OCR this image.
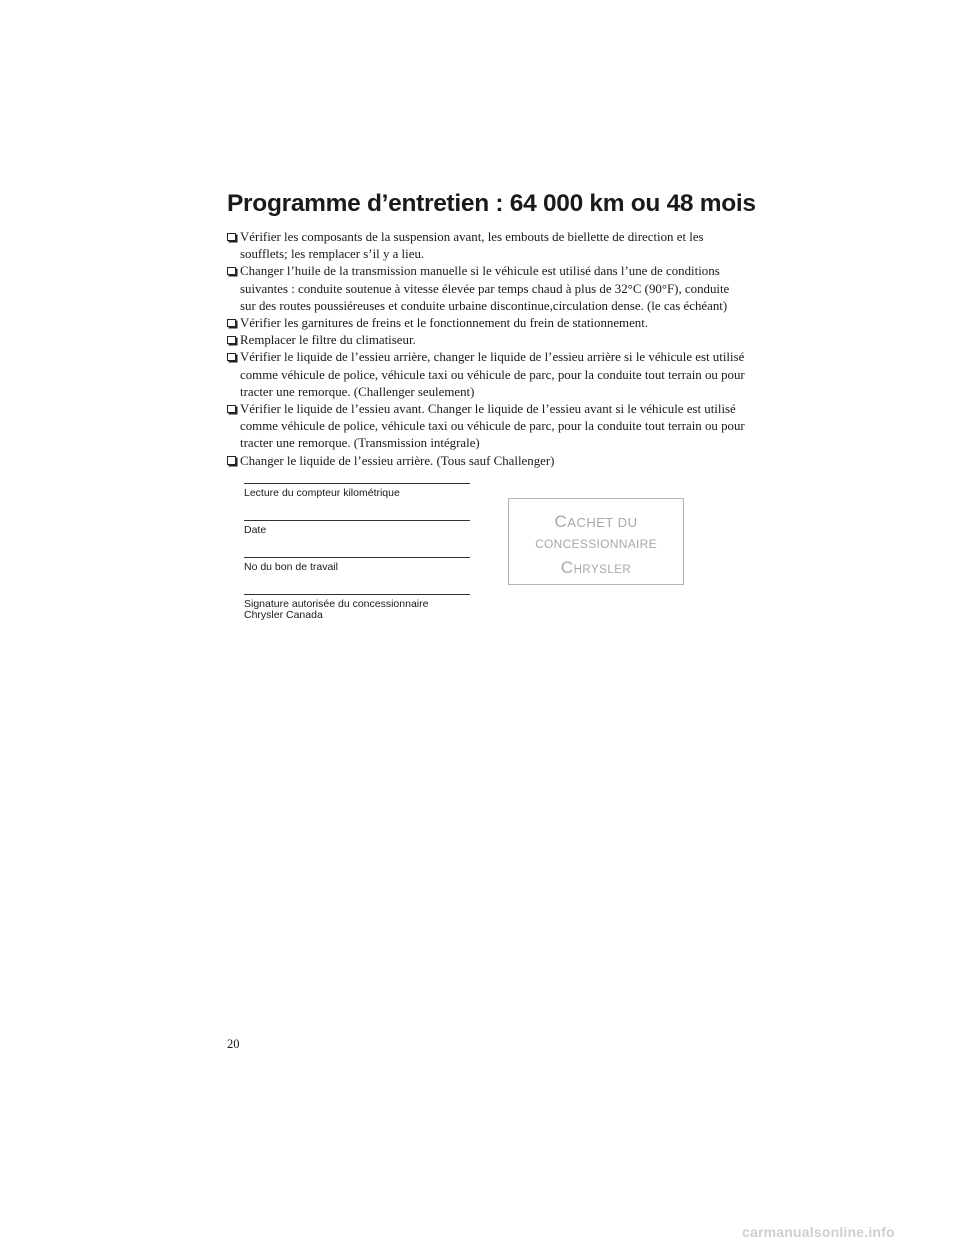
Programme d’entretien : 64 000 km ou 48 mois
Vérifier les composants de la suspension avant, les embouts de biellette de direction et les soufflets; les remplacer s’il y a lieu.
Changer l’huile de la transmission manuelle si le véhicule est utilisé dans l’une de conditions suivantes : conduite soutenue à vitesse élevée par temps chaud à plus de 32°C (90°F), conduite sur des routes poussiéreuses et conduite urbaine discontinue,circulation dense. (le cas échéant)
Vérifier les garnitures de freins et le fonctionnement du frein de stationnement.
Remplacer le filtre du climatiseur.
Vérifier le liquide de l’essieu arrière, changer le liquide de l’essieu arrière si le véhicule est utilisé comme véhicule de police, véhicule taxi ou véhicule de parc, pour la conduite tout terrain ou pour tracter une remorque. (Challenger seulement)
Vérifier le liquide de l’essieu avant. Changer le liquide de l’essieu avant si le véhicule est utilisé comme véhicule de police, véhicule taxi ou véhicule de parc, pour la conduite tout terrain ou pour tracter une remorque. (Transmission intégrale)
Changer le liquide de l’essieu arrière. (Tous sauf Challenger)
Lecture du compteur kilométrique
Date
No du bon de travail
Signature autorisée du concessionnaire
Chrysler Canada
CACHET DU
CONCESSIONNAIRE
CHRYSLER
20
carmanualsonline.info
